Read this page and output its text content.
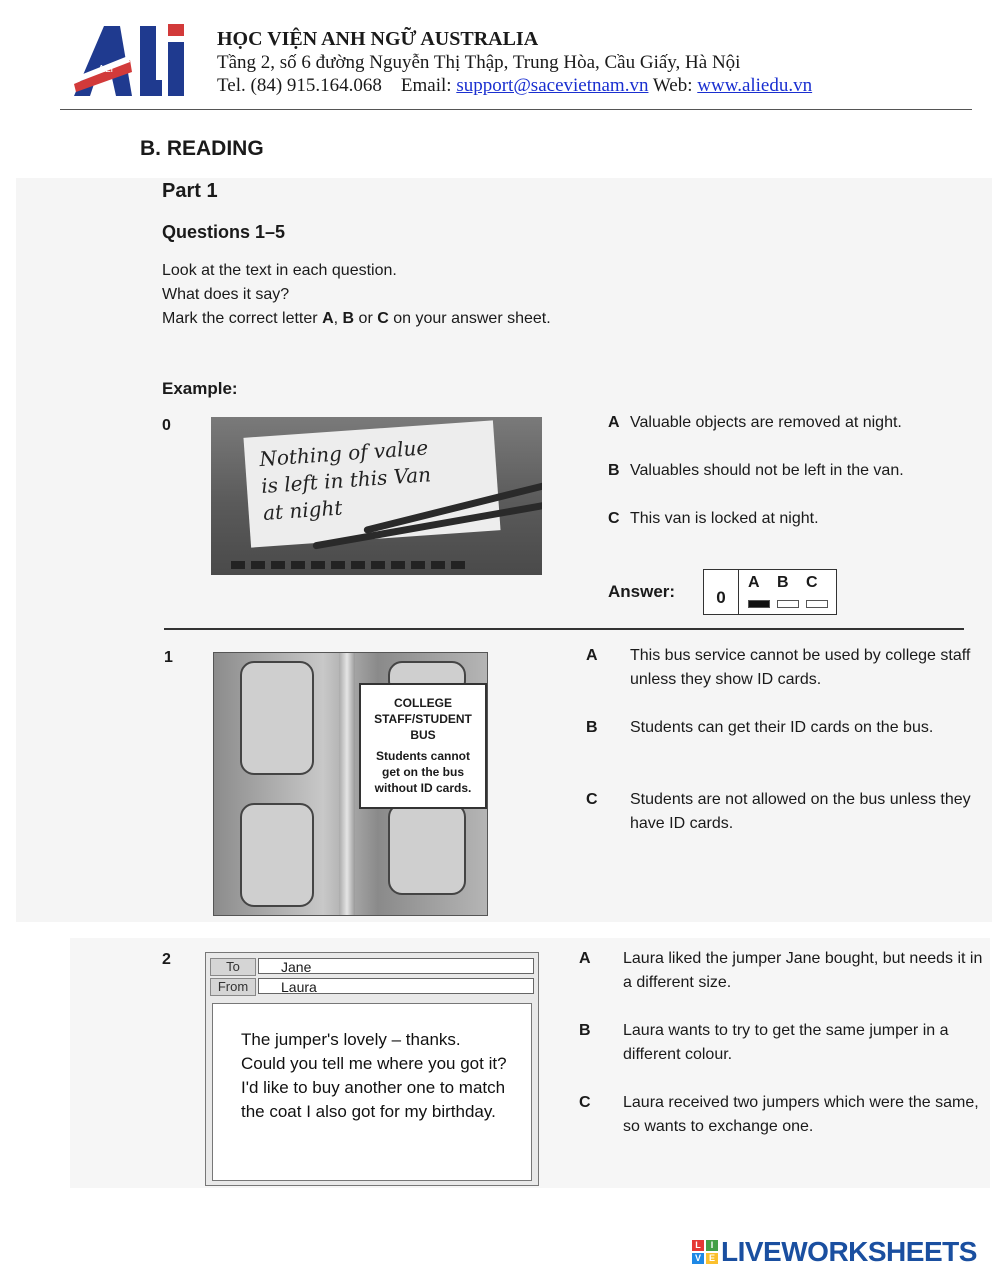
ALi
HỌC VIỆN ANH NGỮ AUSTRALIA
Tầng 2, số 6 đường Nguyễn Thị Thập, Trung Hòa, Cầu Giấy, Hà Nội
Tel. (84) 915.164.068 Email: support@sacevietnam.vn Web: www.aliedu.vn
B. READING
Part 1
Questions 1–5
Look at the text in each question.
What does it say?
Mark the correct letter A, B or C on your answer sheet.
Example:
0
Nothing of value
is left in this Van
at night
A Valuable objects are removed at night.
B Valuables should not be left in the van.
C This van is locked at night.
Answer:	0
A B C
1
COLLEGE
STAFF/STUDENT
BUS
Students cannot
get on the bus
without ID cards.
A This bus service cannot be used by college staff unless they show ID cards.
B Students can get their ID cards on the bus.
C Students are not allowed on the bus unless they have ID cards.
2	To	Jane
From	Laura
The jumper's lovely – thanks.
Could you tell me where you got it?
I'd like to buy another one to match
the coat I also got for my birthday.
A Laura liked the jumper Jane bought, but needs it in a different size.
B Laura wants to try to get the same jumper in a different colour.
C Laura received two jumpers which were the same, so wants to exchange one.
L	I
V E LIVEWORKSHEETS
